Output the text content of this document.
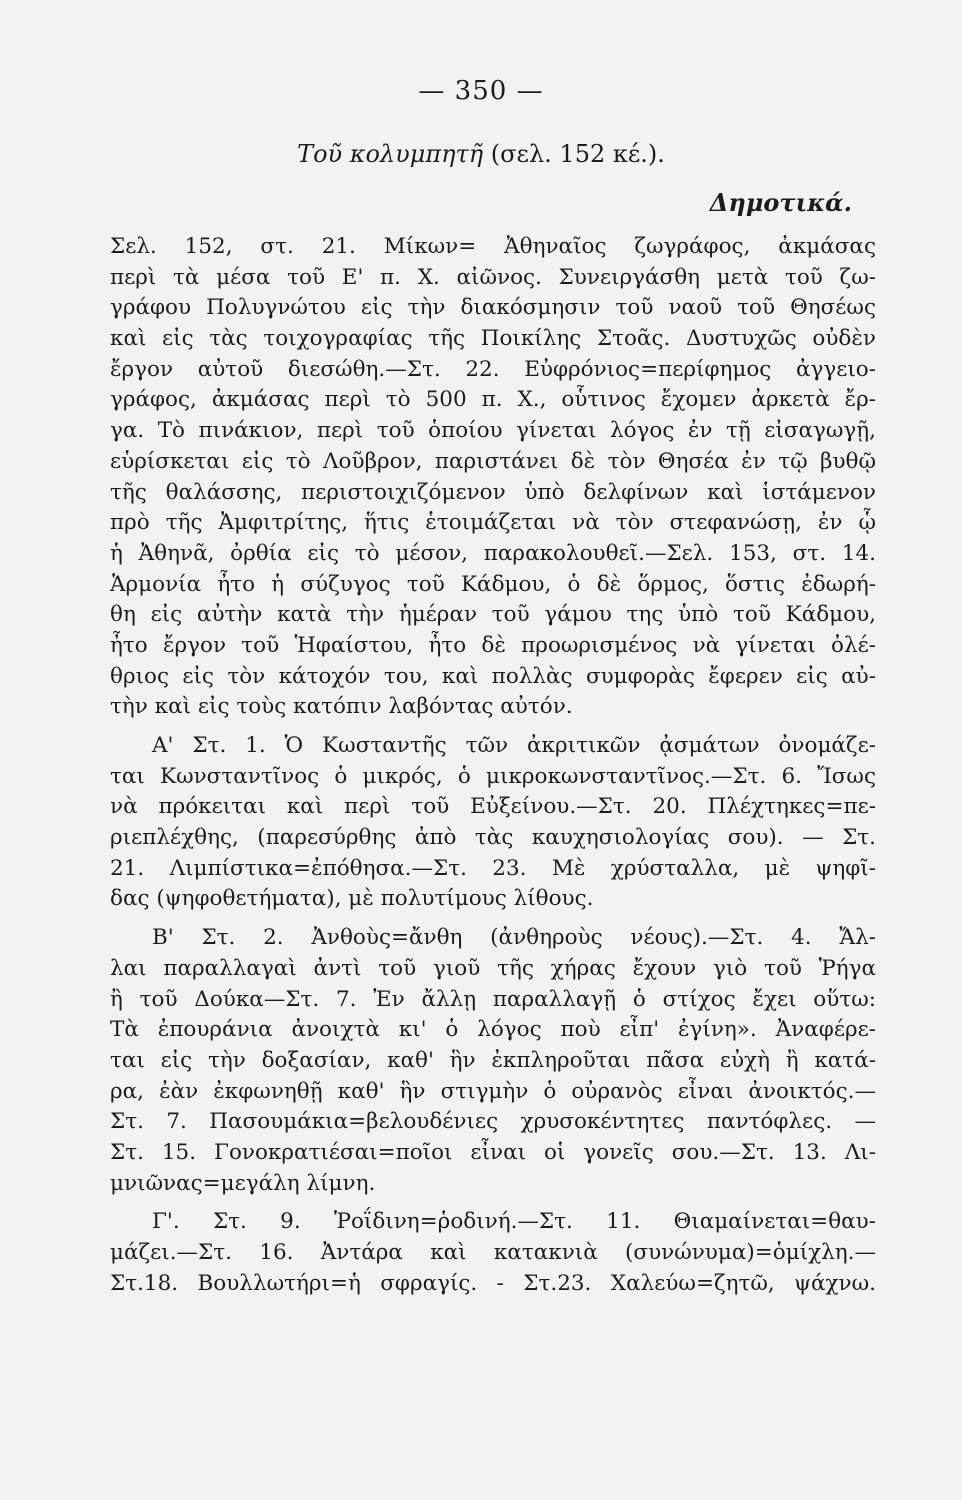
— 350 —
Τοῦ κολυμπητῆ (σελ. 152 κέ.).
Δημοτικά.
Σελ. 152, στ. 21. Μίκων= Ἀθηναῖος ζωγράφος, ἀκμάσας
περὶ τὰ μέσα τοῦ Ε' π. Χ. αἰῶνος. Συνειργάσθη μετὰ τοῦ ζω-
γράφου Πολυγνώτου εἰς τὴν διακόσμησιν τοῦ ναοῦ τοῦ Θησέως
καὶ εἰς τὰς τοιχογραφίας τῆς Ποικίλης Στοᾶς. Δυστυχῶς οὐδὲν
ἔργον αὐτοῦ διεσώθη.—Στ. 22. Εὐφρόνιος=περίφημος ἀγγειο-
γράφος, ἀκμάσας περὶ τὸ 500 π. Χ., οὗτινος ἔχομεν ἀρκετὰ ἔρ-
γα. Τὸ πινάκιον, περὶ τοῦ ὁποίου γίνεται λόγος ἐν τῇ εἰσαγωγῇ,
εὑρίσκεται εἰς τὸ Λοῦβρον, παριστάνει δὲ τὸν Θησέα ἐν τῷ βυθῷ
τῆς θαλάσσης, περιστοιχιζόμενον ὑπὸ δελφίνων καὶ ἱστάμενον
πρὸ τῆς Ἀμφιτρίτης, ἥτις ἑτοιμάζεται νὰ τὸν στεφανώσῃ, ἐν ᾧ
ἡ Ἀθηνᾶ, ὀρθία εἰς τὸ μέσον, παρακολουθεῖ.—Σελ. 153, στ. 14.
Ἁρμονία ἦτο ἡ σύζυγος τοῦ Κάδμου, ὁ δὲ ὅρμος, ὅστις ἐδωρή-
θη εἰς αὐτὴν κατὰ τὴν ἡμέραν τοῦ γάμου της ὑπὸ τοῦ Κάδμου,
ἦτο ἔργον τοῦ Ἡφαίστου, ἦτο δὲ προωρισμένος νὰ γίνεται ὀλέ-
θριος εἰς τὸν κάτοχόν του, καὶ πολλὰς συμφορὰς ἔφερεν εἰς αὐ-
τὴν καὶ εἰς τοὺς κατόπιν λαβόντας αὐτόν.
Α' Στ. 1. Ὁ Κωσταντῆς τῶν ἀκριτικῶν ᾀσμάτων ὀνομάζε-
ται Κωνσταντῖνος ὁ μικρός, ὁ μικροκωνσταντῖνος.—Στ. 6. Ἴσως
νὰ πρόκειται καὶ περὶ τοῦ Εὐξείνου.—Στ. 20. Πλέχτηκες=πε-
ριεπλέχθης, (παρεσύρθης ἀπὸ τὰς καυχησιολογίας σου). — Στ.
21. Λιμπίστικα=ἐπόθησα.—Στ. 23. Μὲ χρύσταλλα, μὲ ψηφῖ-
δας (ψηφοθετήματα), μὲ πολυτίμους λίθους.
Β' Στ. 2. Ἀνθοὺς=ἄνθη (ἀνθηροὺς νέους).—Στ. 4. Ἄλ-
λαι παραλλαγαὶ ἀντὶ τοῦ γιοῦ τῆς χήρας ἔχουν γιὸ τοῦ Ῥήγα
ἢ τοῦ Δούκα—Στ. 7. Ἐν ἄλλῃ παραλλαγῇ ὁ στίχος ἔχει οὕτω:
Τὰ ἐπουράνια ἀνοιχτὰ κι' ὁ λόγος ποὺ εἶπ' ἐγίνη». Ἀναφέρε-
ται εἰς τὴν δοξασίαν, καθ' ἣν ἐκπληροῦται πᾶσα εὐχὴ ἢ κατά-
ρα, ἐὰν ἐκφωνηθῇ καθ' ἣν στιγμὴν ὁ οὐρανὸς εἶναι ἀνοικτός.—
Στ. 7. Πασουμάκια=βελουδένιες χρυσοκέντητες παντόφλες. —
Στ. 15. Γονοκρατιέσαι=ποῖοι εἶναι οἱ γονεῖς σου.—Στ. 13. Λι-
μνιῶνας=μεγάλη λίμνη.
Γ'. Στ. 9. Ῥοΐδινη=ῥοδινή.—Στ. 11. Θιαμαίνεται=θαυ-
μάζει.—Στ. 16. Ἀντάρα καὶ κατακνιὰ (συνώνυμα)=ὁμίχλη.—
Στ.18. Βουλλωτήρι=ἡ σφραγίς. - Στ.23. Χαλεύω=ζητῶ, ψάχνω.
